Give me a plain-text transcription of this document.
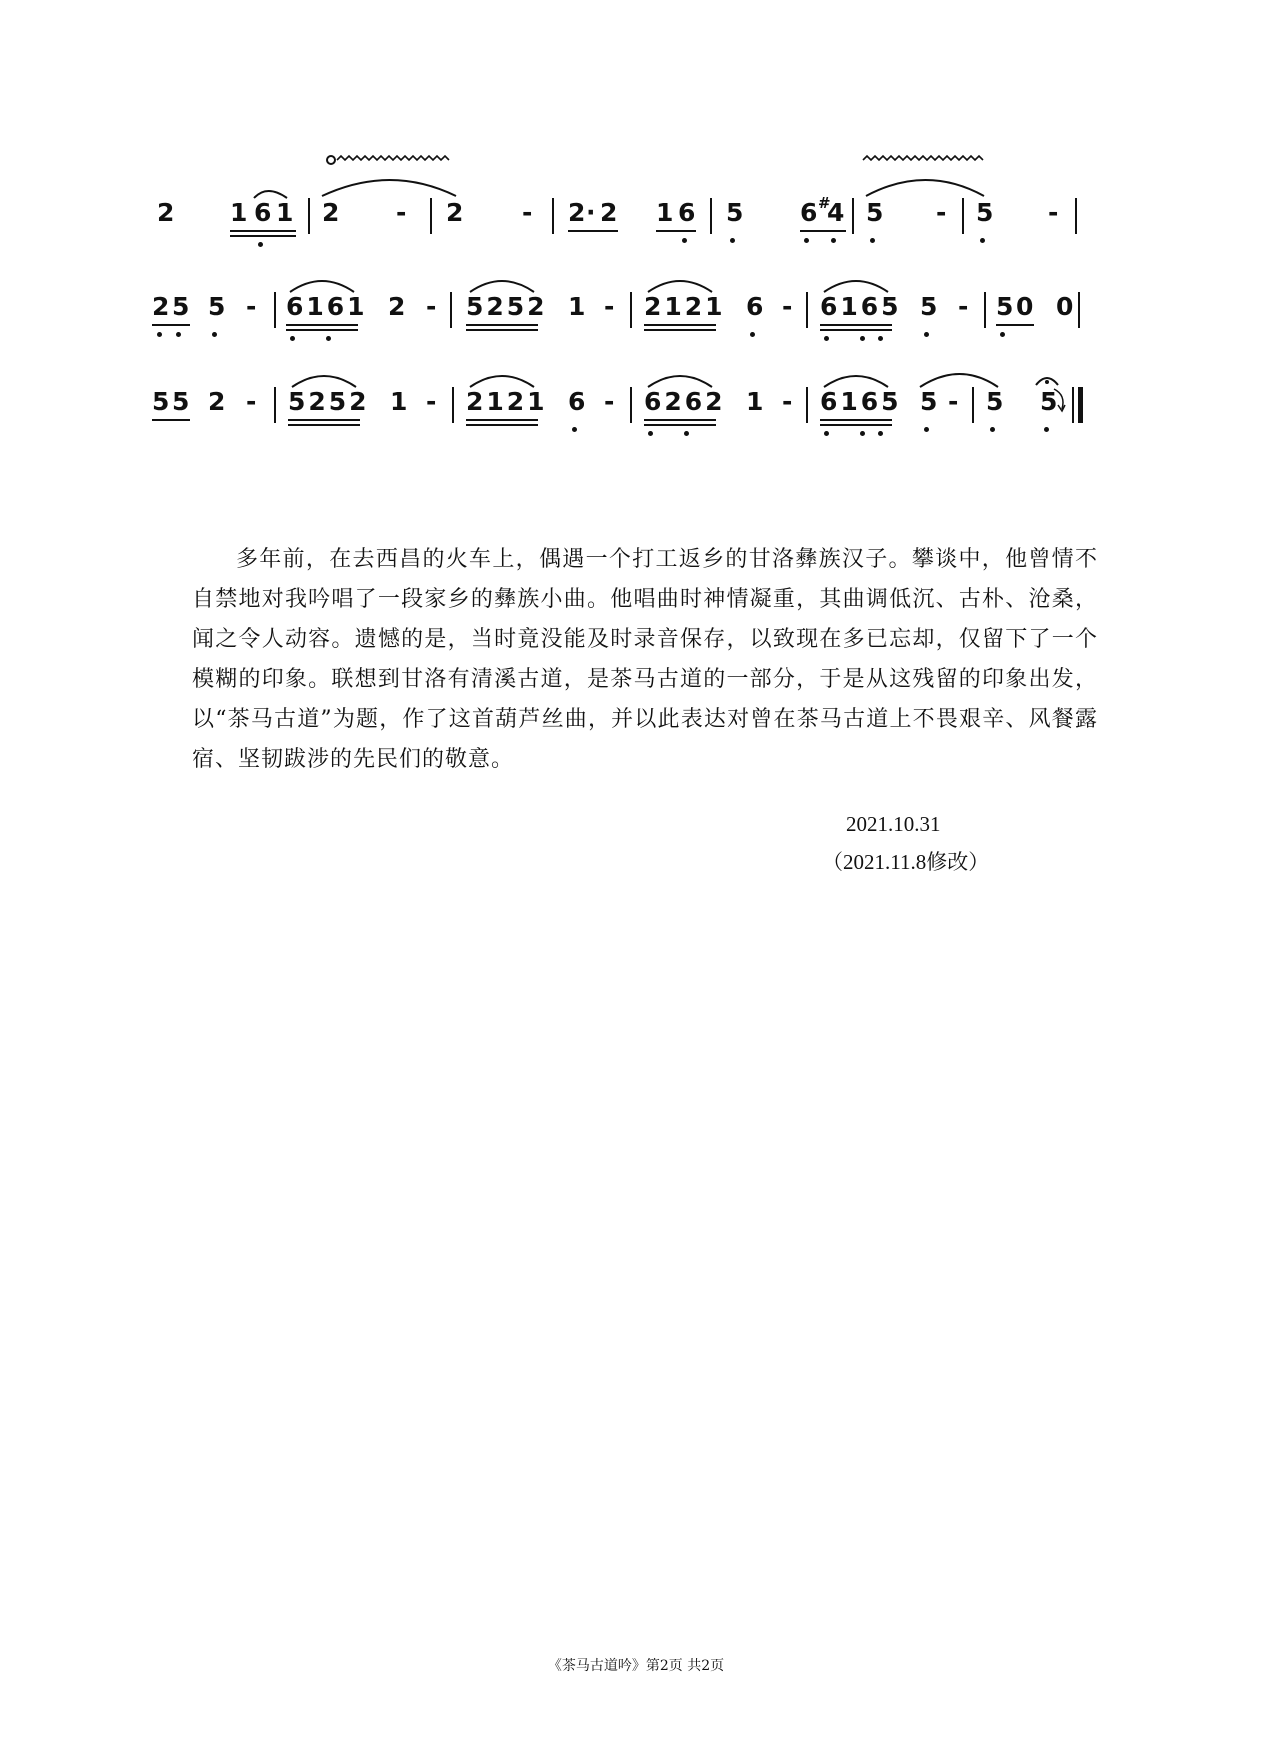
2 1 6 1 2 - 2 - 2 · 2 1 6 5 6 #
4 5 - 5 -
2 5 5 - 6161 2 - 5252 1 - 2121 6 - 6165 5 - 5 0 0
5 5 2 - 5252 1 - 2121 6 - 6262 1 - 6165 5 - 5 5
多年前，在去西昌的火车上，偶遇一个打工返乡的甘洛彝族汉子。攀谈中，他曾情不自禁地对我吟唱了一段家乡的彝族小曲。他唱曲时神情凝重，其曲调低沉、古朴、沧桑，闻之令人动容。遗憾的是，当时竟没能及时录音保存，以致现在多已忘却，仅留下了一个模糊的印象。联想到甘洛有清溪古道，是茶马古道的一部分，于是从这残留的印象出发，以“茶马古道”为题，作了这首葫芦丝曲，并以此表达对曾在茶马古道上不畏艰辛、风餐露宿、坚韧跋涉的先民们的敬意。
2021.10.31
（2021.11.8修改）
《茶马古道吟》第2页 共2页
